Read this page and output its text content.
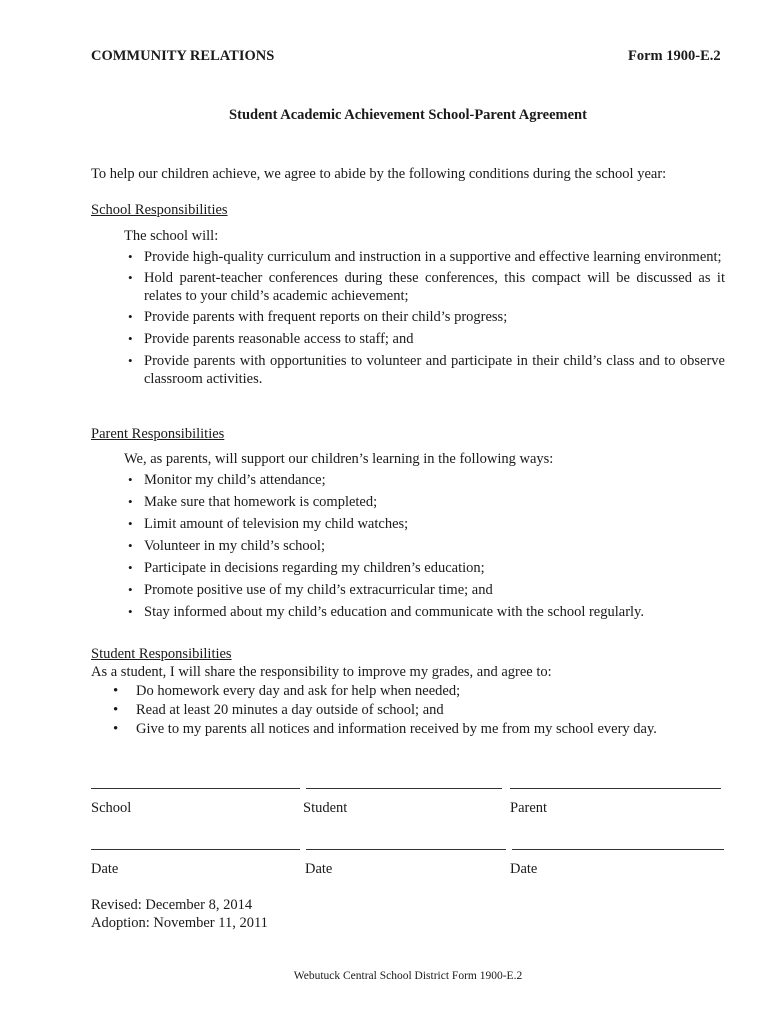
COMMUNITY RELATIONS	Form 1900-E.2
Student Academic Achievement School-Parent Agreement
To help our children achieve, we agree to abide by the following conditions during the school year:
School Responsibilities
The school will:
• Provide high-quality curriculum and instruction in a supportive and effective learning environment;
• Hold parent-teacher conferences during these conferences, this compact will be discussed as it relates to your child’s academic achievement;
• Provide parents with frequent reports on their child’s progress;
• Provide parents reasonable access to staff; and
• Provide parents with opportunities to volunteer and participate in their child’s class and to observe classroom activities.
Parent Responsibilities
We, as parents, will support our children’s learning in the following ways:
• Monitor my child’s attendance;
• Make sure that homework is completed;
• Limit amount of television my child watches;
• Volunteer in my child’s school;
• Participate in decisions regarding my children’s education;
• Promote positive use of my child’s extracurricular time; and
• Stay informed about my child’s education and communicate with the school regularly.
Student Responsibilities
As a student, I will share the responsibility to improve my grades, and agree to:
• Do homework every day and ask for help when needed;
• Read at least 20 minutes a day outside of school; and
• Give to my parents all notices and information received by me from my school every day.
School	Student	Parent
Date	Date	Date
Revised: December 8, 2014
Adoption: November 11, 2011
Webutuck Central School District Form 1900-E.2
